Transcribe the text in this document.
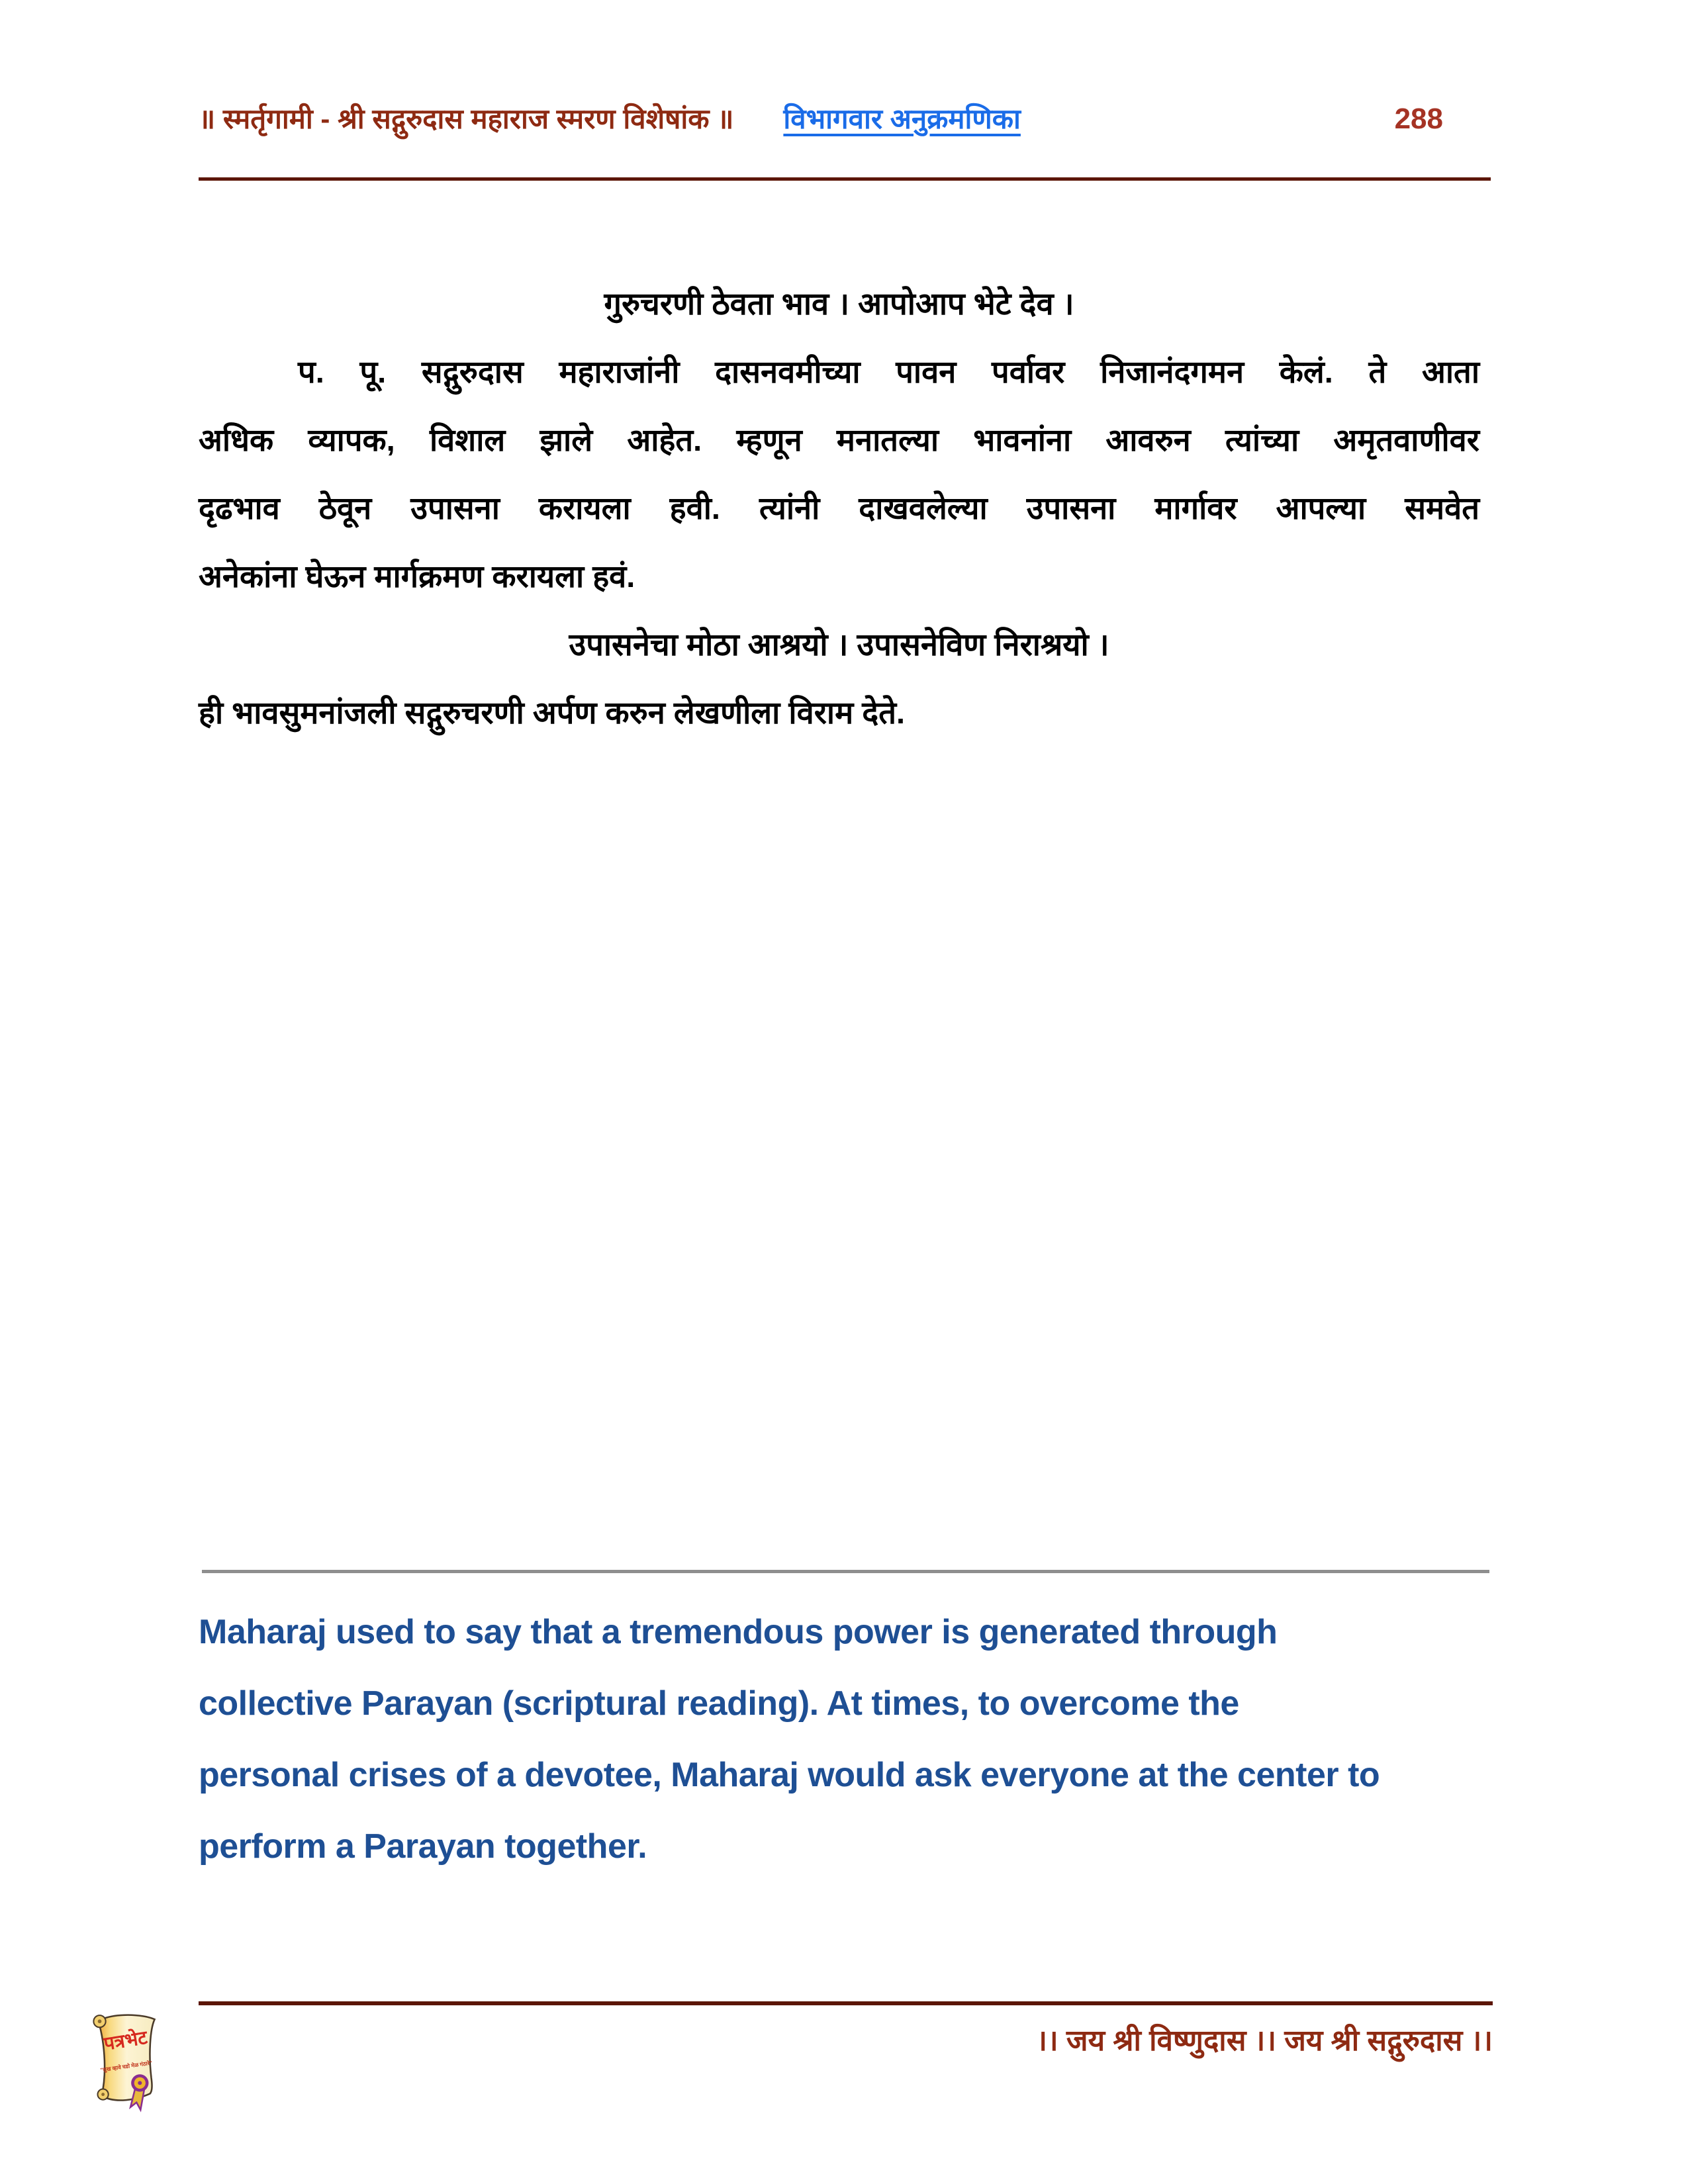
॥ स्मर्तृगामी - श्री सद्गुरुदास महाराज स्मरण विशेषांक ॥ विभागवार अनुक्रमणिका	288
गुरुचरणी ठेवता भाव । आपोआप भेटे देव ।
प. पू. सद्गुरुदास महाराजांनी दासनवमीच्या पावन पर्वावर निजानंदगमन केलं. ते आता
अधिक व्यापक, विशाल झाले आहेत. म्हणून मनातल्या भावनांना आवरुन त्यांच्या अमृतवाणीवर
दृढभाव ठेवून उपासना करायला हवी. त्यांनी दाखवलेल्या उपासना मार्गावर आपल्या समवेत
अनेकांना घेऊन मार्गक्रमण करायला हवं.
उपासनेचा मोठा आश्रयो । उपासनेविण निराश्रयो ।
ही भावसुमनांजली सद्गुरुचरणी अर्पण करुन लेखणीला विराम देते.
Maharaj used to say that a tremendous power is generated through
collective Parayan (scriptural reading). At times, to overcome the
personal crises of a devotee, Maharaj would ask everyone at the center to
perform a Parayan together.
।। जय श्री विष्णुदास ।। जय श्री सद्गुरुदास ।।
पत्रभेट
"सुख व्हावे घडो मेळ गंठारे"
